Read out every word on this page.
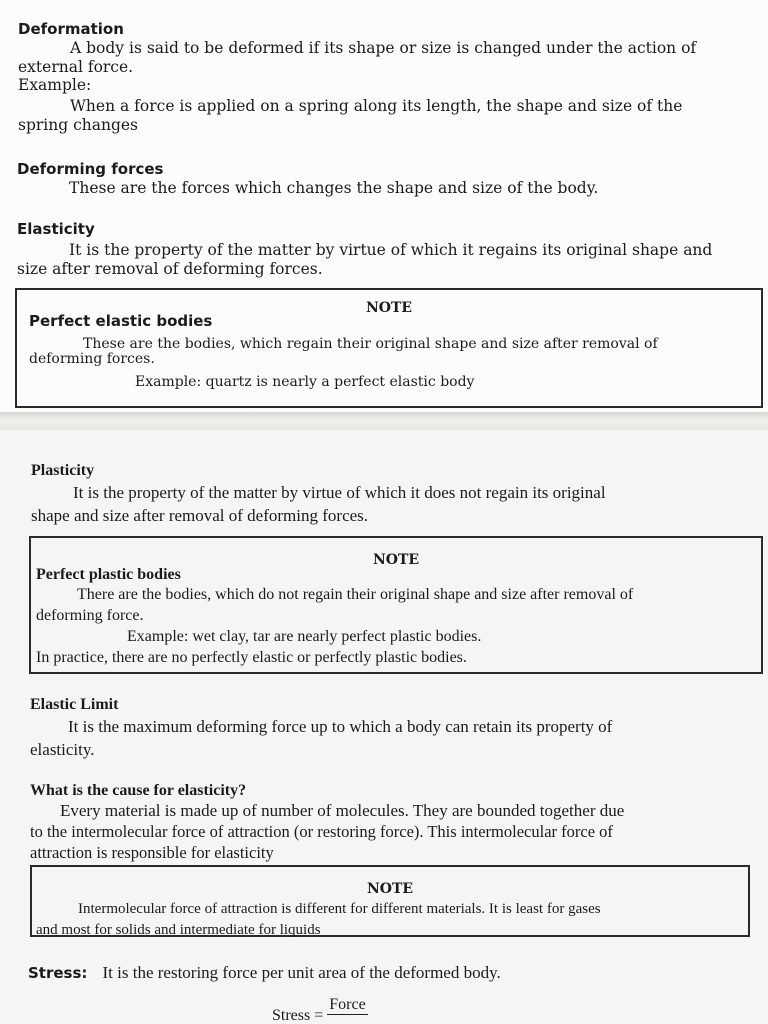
Deformation

A body is said to be deformed if its shape or size is changed under the action of

external force.

Example:

When a force is applied on a spring along its length, the shape and size of the

spring changes

Deforming forces

These are the forces which changes the shape and size of the body.

Elasticity

It is the property of the matter by virtue of which it regains its original shape and

size after removal of deforming forces.

NOTE
Perfect elastic bodies

These are the bodies, which regain their original shape and size after removal of

deforming forces.

Example: quartz is nearly a perfect elastic body

Plasticity

It is the property of the matter by virtue of which it does not regain its original

shape and size after removal of deforming forces.

NOTE
Perfect plastic bodies

There are the bodies, which do not regain their original shape and size after removal of

deforming force.

Example: wet clay, tar are nearly perfect plastic bodies.

In practice, there are no perfectly elastic or perfectly plastic bodies.

Elastic Limit

It is the maximum deforming force up to which a body can retain its property of

elasticity.

What is the cause for elasticity?

Every material is made up of number of molecules. They are bounded together due

to the intermolecular force of attraction (or restoring force). This intermolecular force of

attraction is responsible for elasticity

NOTE

Intermolecular force of attraction is different for different materials. It is least for gases

and most for solids and intermediate for liquids

Stress: It is the restoring force per unit area of the deformed body.
Stress =
Force
